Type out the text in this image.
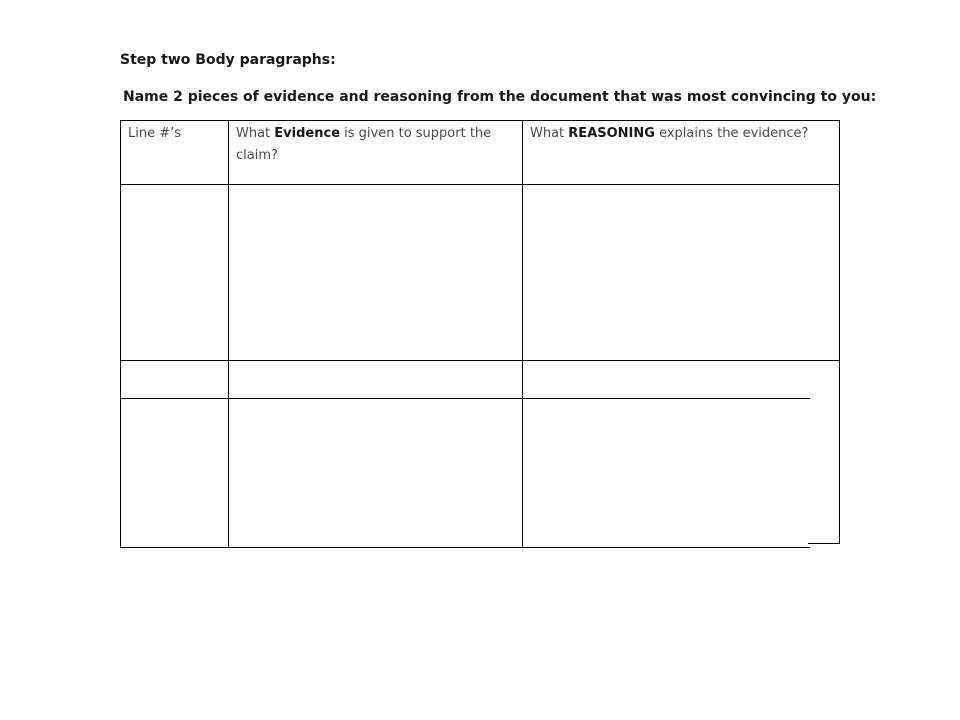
Step two Body paragraphs:

Name 2 pieces of evidence and reasoning from the document that was most convincing to you:

Line #’s	What Evidence is given to support the claim?

What REASONING explains the evidence?
